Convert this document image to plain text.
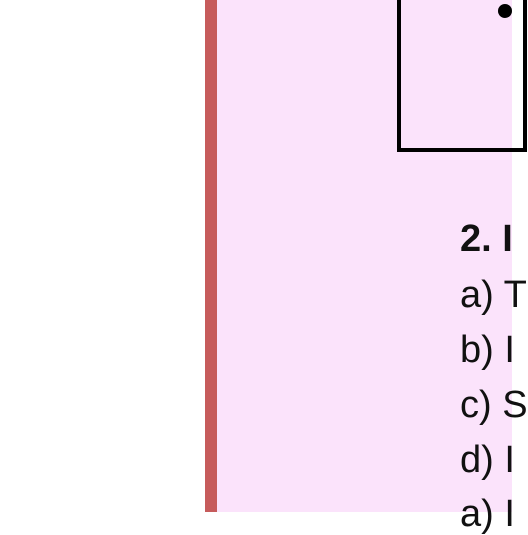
2. I
a) T
b) I
c) S
d) I
a) I
